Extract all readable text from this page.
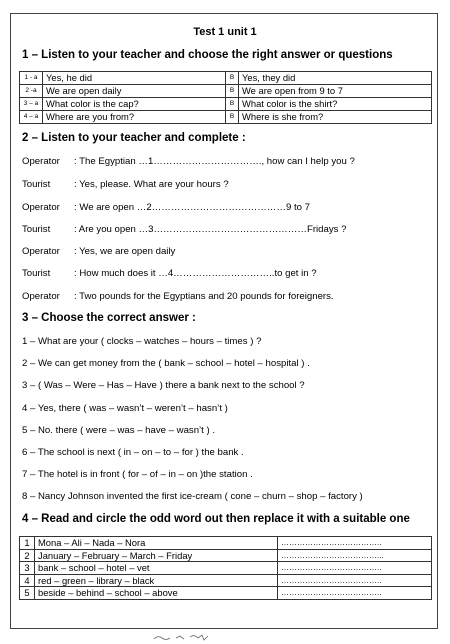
Test 1 unit 1
1 – Listen to your teacher and choose the right answer or questions
1 - a	Yes, he did	B	Yes, they did
2 -a	We are open daily	B	We are open from 9 to 7
3 – a	What color is the cap?	B	What color is the shirt?
4 – a	Where are you from?	B	Where is she from?
2 – Listen to your teacher and complete :
Operator : The Egyptian …1……………………………., how can I help you ?
Tourist : Yes, please. What are your hours ?
Operator : We are open …2……………………………………9 to 7
Tourist : Are you open …3…………………………………………Fridays ?
Operator : Yes, we are open daily
Tourist : How much does it …4…………………………..to get in ?
Operator : Two pounds for the Egyptians and 20 pounds for foreigners.
3 – Choose the correct answer :
1 – What are your ( clocks – watches – hours – times ) ?
2 – We can get money from the ( bank – school – hotel – hospital ) .
3 – ( Was – Were – Has – Have ) there a bank next to the school ?
4 – Yes, there ( was – wasn’t – weren’t – hasn’t )
5 – No. there ( were – was – have – wasn’t ) .
6 – The school is next ( in – on – to – for ) the bank .
7 – The hotel is in front ( for – of – in – on )the station .
8 – Nancy Johnson invented the first ice-cream ( cone – churn – shop – factory )
4 – Read and circle the odd word out then replace it with a suitable one
1	Mona – Ali – Nada – Nora	………………………………..
2	January – February – March – Friday	………………………………...
3	bank – school – hotel – vet	………………………………..
4	red – green – library – black	………………………………..
5	beside – behind – school – above	………………………………..
